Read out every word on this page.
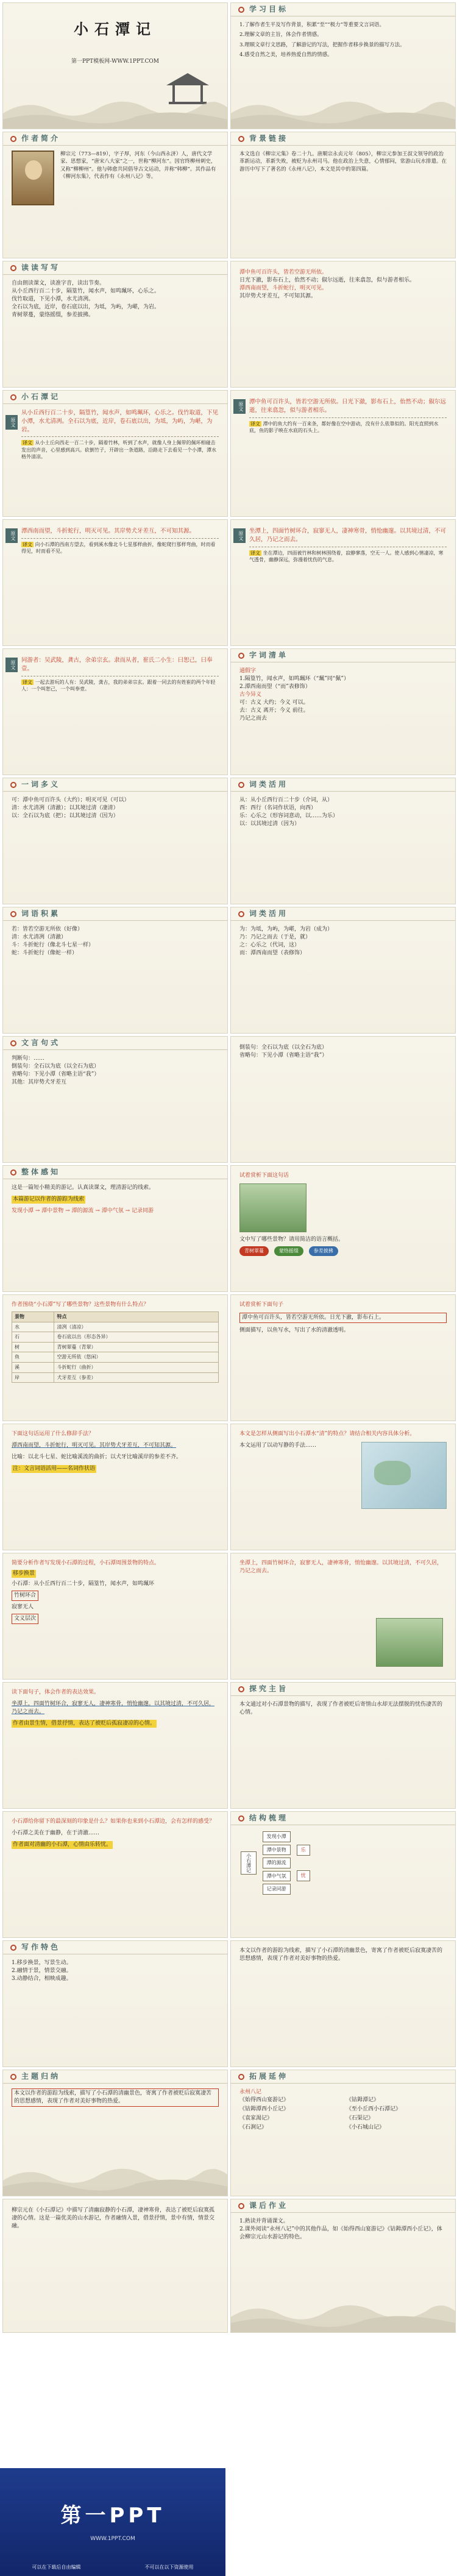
小石潭记
第一PPT模板网-WWW.1PPT.COM
学习目标
1.了解作者生平及写作背景，积累“至”“极力”等重要文言词语。
2.理解文章的主旨，体会作者情感。
3.理顺文章行文思路，了解游记的写法，把握作者移步换景的描写方法。
4.感受自然之美，培养热爱自然的情感。
作者简介

柳宗元（773—819），字子厚，河东（今山西永济）人，唐代文学家、思想家，“唐宋八大家”之一，世称“柳河东”。因官终柳州刺史，又称“柳柳州”。他与韩愈共同倡导古文运动，并称“韩柳”。其作品有《柳河东集》，代表作有《永州八记》等。

背景链接

本文选自《柳宗元集》卷二十九。唐顺宗永贞元年（805），柳宗元参加王叔文领导的政治革新运动，革新失败，被贬为永州司马。他在政治上失意，心情郁闷，常游山玩水排遣。在游历中写下了著名的《永州八记》，本文是其中的第四篇。

读读写写

自由朗读课文，读准字音，读出节奏。

从小丘西行百二十步，隔篁竹，闻水声，如鸣珮环，心乐之。

伐竹取道，下见小潭，水尤清冽。

全石以为底，近岸，卷石底以出，为坻，为屿，为嵁，为岩。

青树翠蔓，蒙络摇缀，参差披拂。

潭中鱼可百许头，皆若空游无所依。

日光下澈，影布石上，佁然不动；俶尔远逝，往来翕忽，似与游者相乐。

潭西南而望，斗折蛇行，明灭可见。

其岸势犬牙差互，不可知其源。

小石潭记
原文

从小丘西行百二十步，隔篁竹，闻水声，如鸣珮环，心乐之。伐竹取道，下见小潭，水尤清冽。全石以为底，近岸，卷石底以出，为坻，为屿，为嵁，为岩。

译文 从小土丘向西走一百二十步，隔着竹林，听到了水声，就像人身上佩带的佩环相碰击发出的声音，心里感到高兴。砍倒竹子，开辟出一条道路，沿路走下去看见一个小潭，潭水格外清凉。
原文 潭中鱼可百许头，皆若空游无所依。日光下澈，影布石上，佁然不动；俶尔远逝，往来翕忽，似与游者相乐。

译文 潭中的鱼大约有一百来条，都好像在空中游动，没有什么依靠似的。阳光直照到水底，鱼的影子映在水底的石头上。
原文 潭西南而望，斗折蛇行，明灭可见。其岸势犬牙差互，不可知其源。

译文 向小石潭的西南方望去，看到溪水像北斗七星那样曲折，像蛇爬行那样弯曲，时而看得见，时而看不见。
原文 坐潭上，四面竹树环合，寂寥无人，凄神寒骨，悄怆幽邃。以其境过清，不可久居，乃记之而去。

译文 坐在潭边，四面被竹林和树林围绕着，寂静寥落，空无一人。使人感到心情凄凉，寒气透骨，幽静深远，弥漫着忧伤的气息。
原文 同游者：吴武陵，龚古，余弟宗玄。隶而从者，崔氏二小生：曰恕己，曰奉壹。

译文 一起去游玩的人有：吴武陵，龚古，我的弟弟宗玄。跟着一同去的有姓崔的两个年轻人：一个叫恕己，一个叫奉壹。
字词清单

通假字

1.隔篁竹，闻水声，如鸣珮环（“珮”同“佩”）

2.潭西南而望（“而”表修饰）

古今异义

可：古义 大约；今义 可以。

去：古义 离开；今义 前往。

乃记之而去

一词多义

可：潭中鱼可百许头（大约）；明灭可见（可以）

清：水尤清冽（清澈）；以其境过清（凄清）

以：全石以为底（把）；以其境过清（因为）

词类活用

从：从小丘西行百二十步（介词，从）

西：西行（名词作状语，向西）

乐：心乐之（形容词意动，以……为乐）

以：以其境过清（因为）

词语积累

若：皆若空游无所依（好像）

清：水尤清冽（清澈）

斗：斗折蛇行（像北斗七星一样）

蛇：斗折蛇行（像蛇一样）

词类活用

为：为坻，为屿，为嵁，为岩（成为）

乃：乃记之而去（于是，就）

之：心乐之（代词，这）

而：潭西南而望（表修饰）

文言句式

判断句：……

倒装句：全石以为底（以全石为底）

省略句：下见小潭（省略主语“我”）

其他：其岸势犬牙差互

倒装句：全石以为底（以全石为底）

省略句：下见小潭（省略主语“我”）

整体感知

这是一篇短小精美的游记。认真读课文，理清游记的线索。

本篇游记以作者的游踪为线索

发现小潭 → 潭中景物 → 潭的源流 → 潭中气氛 → 记录同游

试着赏析下面这句话

文中写了哪些景物？请用简洁的语言概括。

青树翠蔓	蒙络摇缀	参差披拂

作者围绕“小石潭”写了哪些景物？这些景物有什么特点？

景物	特点
水	清冽（清凉）
石	卷石底以出（形态各异）
树	青树翠蔓（青翠）
鱼	空游无所依（悠闲）
溪	斗折蛇行（曲折）
岸	犬牙差互（参差）

试着赏析下面句子

潭中鱼可百许头，皆若空游无所依。日光下澈，影布石上。

侧面描写，以鱼写水，写出了水的清澈透明。

下面这句话运用了什么修辞手法？

潭西南而望，斗折蛇行，明灭可见。其岸势犬牙差互，不可知其源。

比喻：以北斗七星、蛇比喻溪流的曲折；以犬牙比喻溪岸的参差不齐。

注：文言词语活用——名词作状语

本文是怎样从侧面写出小石潭水“清”的特点？请结合相关内容具体分析。

本文运用了以动写静的手法……

简要分析作者写发现小石潭的过程，小石潭周围景物的特点。

移步换景

小石潭：从小丘西行百二十步，隔篁竹，闻水声，如鸣珮环

竹树环合

寂寥无人

文义层次

坐潭上，四面竹树环合，寂寥无人，凄神寒骨，悄怆幽邃。以其境过清，不可久居，乃记之而去。

读下面句子，体会作者的表达效果。

坐潭上，四面竹树环合，寂寥无人，凄神寒骨，悄怆幽邃。以其境过清，不可久居，乃记之而去。

作者由景生情，借景抒情，表达了被贬后孤寂凄凉的心情。

探究主旨

本文通过对小石潭景物的描写，表现了作者被贬后寄情山水却无法摆脱的忧伤凄苦的心情。

小石潭给你留下的最深刻的印象是什么？如果你也来到小石潭边，会有怎样的感受？

小石潭之美在于幽静，在于清澈……

作者面对清幽的小石潭，心情由乐转忧。

结构梳理
小石潭记
发现小潭
潭中景物
潭的源流
潭中气氛
记录同游
乐
忧
写作特色

1.移步换景，写景生动。

2.融情于景，情景交融。

3.动静结合，相映成趣。

本文以作者的游踪为线索，描写了小石潭的清幽景色，寄寓了作者被贬后寂寞凄苦的思想感情，表现了作者对美好事物的热爱。

主题归纳

本文以作者的游踪为线索，描写了小石潭的清幽景色，寄寓了作者被贬后寂寞凄苦的思想感情，表现了作者对美好事物的热爱。

拓展延伸

永州八记

《始得西山宴游记》	《钴鉧潭记》
《钴鉧潭西小丘记》	《至小丘西小石潭记》
《袁家渴记》	《石渠记》
《石涧记》	《小石城山记》

柳宗元在《小石潭记》中描写了清幽寂静的小石潭，凄神寒骨，表达了被贬后寂寞孤凄的心情。这是一篇优美的山水游记，作者融情入景，借景抒情，景中有情，情景交融。

课后作业

1.熟读并背诵课文。

2.课外阅读“永州八记”中的其他作品，如《始得西山宴游记》《钴鉧潭西小丘记》，体会柳宗元山水游记的特色。

第一PPT
WWW.1PPT.COM
可以在下载后自由编辑	不可以在以下资源使用
